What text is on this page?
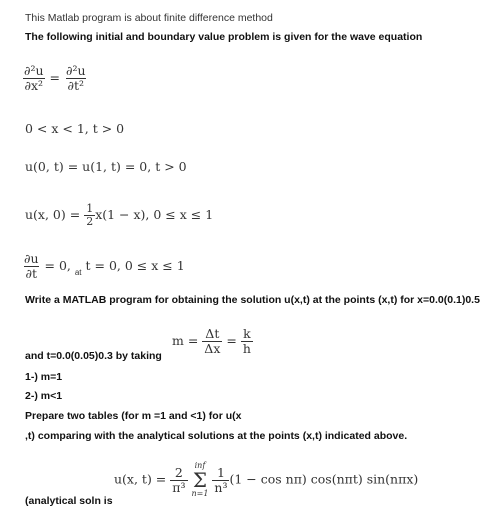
This Matlab program is about finite difference method
The following initial and boundary value problem is given for the wave equation
$\frac{\text{∂²u}}{\text{∂x²}} = \frac{\text{∂²u}}{\text{∂t²}}$
0 < x < 1, t > 0
u(0, t) = u(1, t) = 0, t > 0
u(x, $0) = \frac{1}{2} x(1 - x)$, 0 ≤ x ≤ 1
$\frac{\partial u}{\partial t} = 0$, $_{at}$ t = 0, 0 ≤ x ≤ 1
Write a MATLAB program for obtaining the solution u(x,t) at the points (x,t) for x=0.0(0.1)0.5
$m = \frac{\Delta t}{\Delta x} = \frac{k}{h}$
and t=0.0(0.05)0.3 by taking
1-) m=1
2-) m<1
Prepare two tables (for m =1 and <1) for u(x
,t) comparing with the analytical solutions at the points (x,t) indicated above.
u(x, $t) = \frac{2}{\text{π³}}$
inf
Σ
n=1
$\frac{1}{\text{n³}} (1 - \cos n\pi)$ cos(nπt) sin(nπx)
(analytical soln is
